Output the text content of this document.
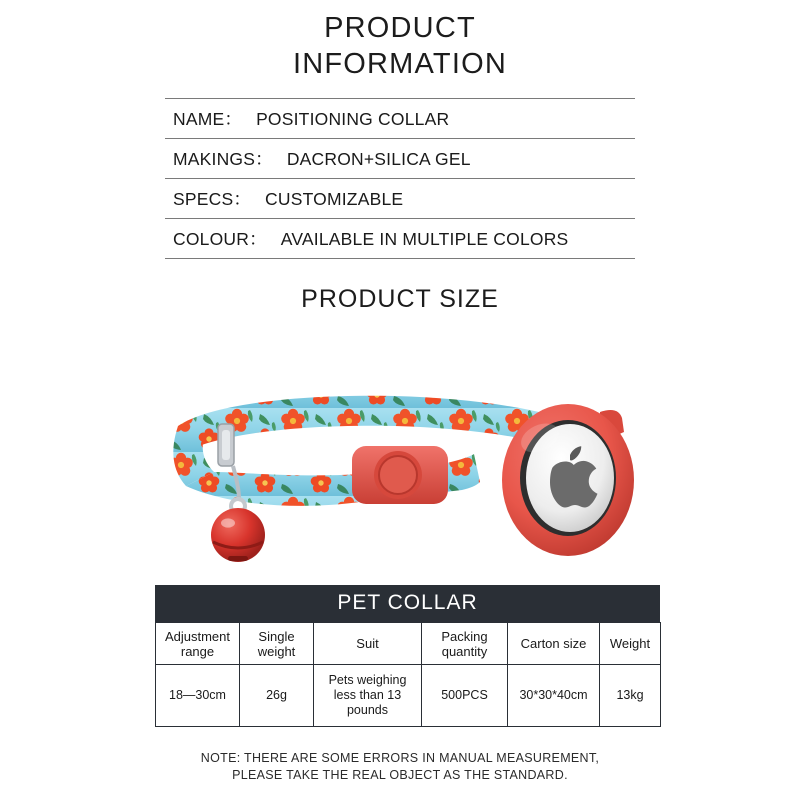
PRODUCT
INFORMATION
NAME： POSITIONING COLLAR
MAKINGS： DACRON+SILICA GEL
SPECS： CUSTOMIZABLE
COLOUR： AVAILABLE IN MULTIPLE COLORS
PRODUCT SIZE
PET COLLAR
Adjustment range	Single weight	Suit	Packing quantity	Carton size	Weight
18—30cm	26g	Pets weighing less than 13 pounds	500PCS	30*30*40cm	13kg
NOTE: THERE ARE SOME ERRORS IN MANUAL MEASUREMENT,
PLEASE TAKE THE REAL OBJECT AS THE STANDARD.
